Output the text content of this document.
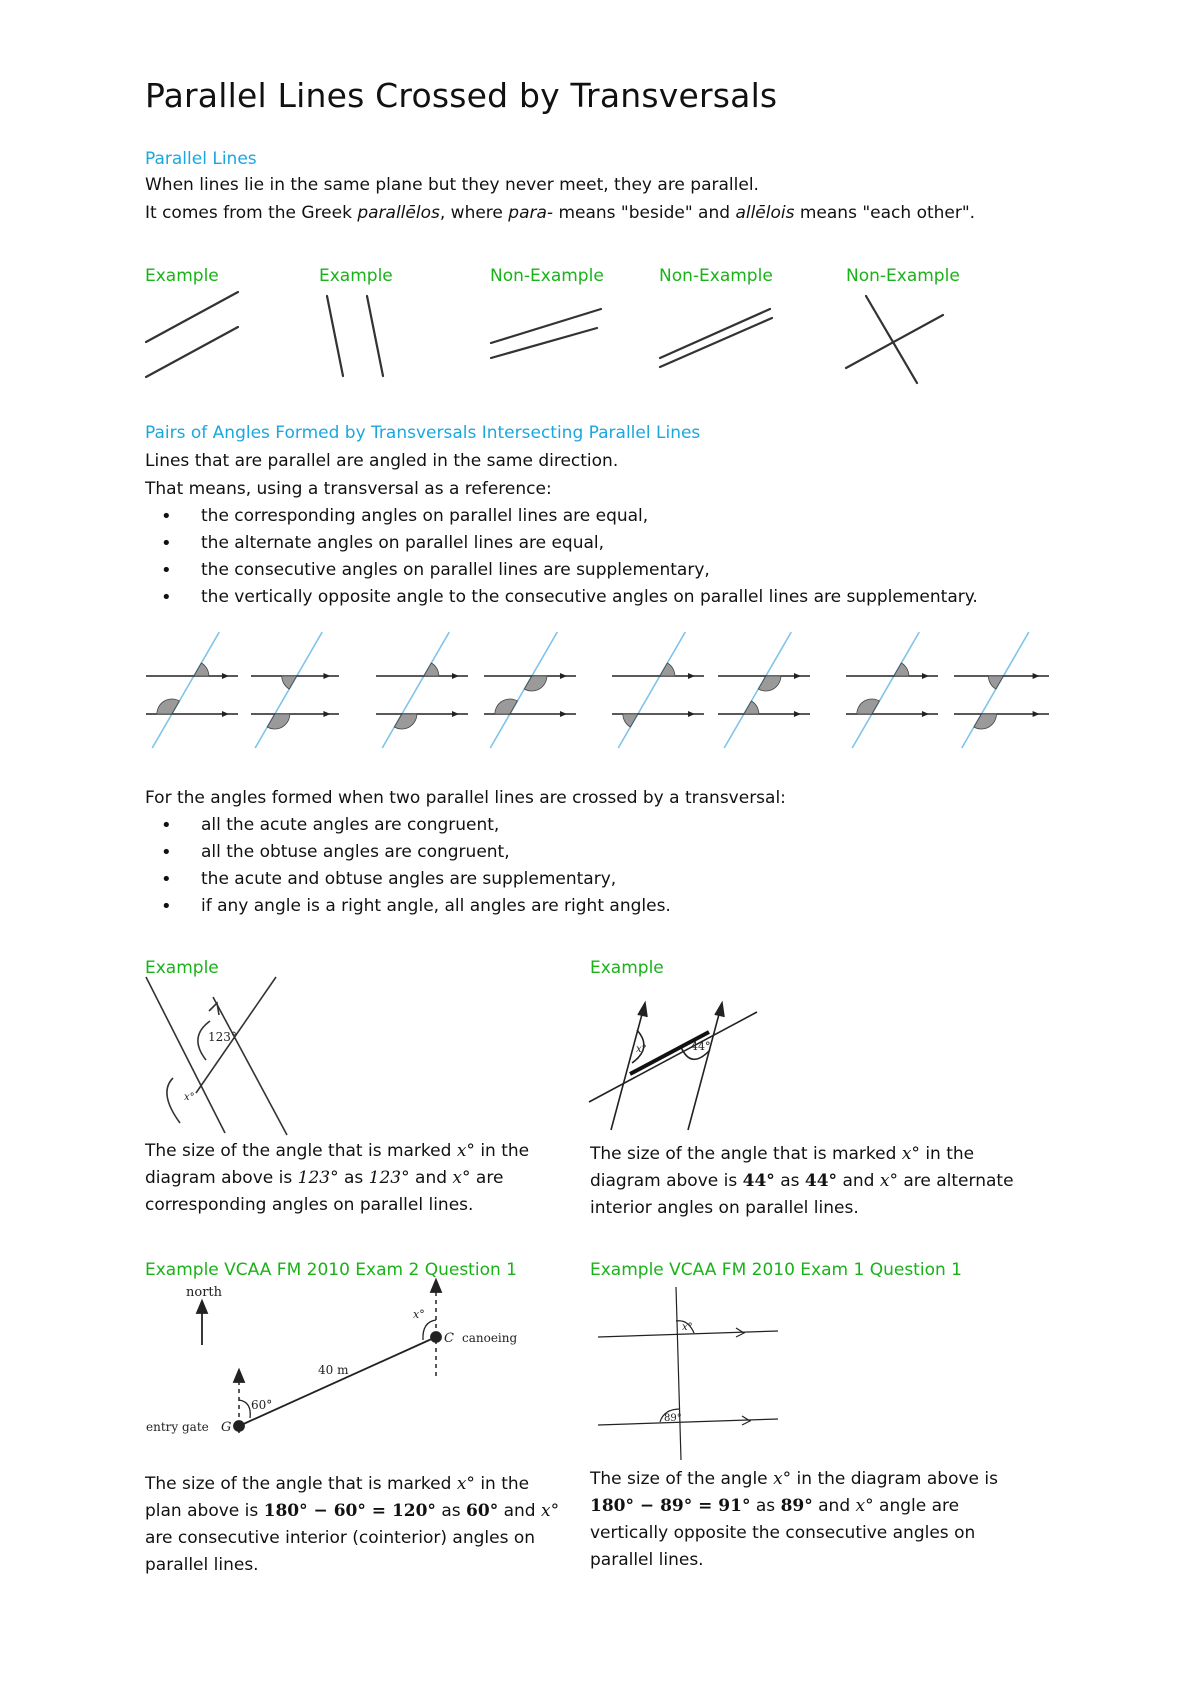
Parallel Lines Crossed by Transversals
Parallel Lines
When lines lie in the same plane but they never meet, they are parallel.
It comes from the Greek parallēlos, where para- means "beside" and allēlois means "each other".
Example	Example	Non-Example	Non-Example	Non-Example
Pairs of Angles Formed by Transversals Intersecting Parallel Lines
Lines that are parallel are angled in the same direction.
That means, using a transversal as a reference:
• the corresponding angles on parallel lines are equal,
• the alternate angles on parallel lines are equal,
• the consecutive angles on parallel lines are supplementary,
• the vertically opposite angle to the consecutive angles on parallel lines are supplementary.
For the angles formed when two parallel lines are crossed by a transversal:
• all the acute angles are congruent,
• all the obtuse angles are congruent,
• the acute and obtuse angles are supplementary,
• if any angle is a right angle, all angles are right angles.
Example
123°
x°
The size of the angle that is marked x° in the
diagram above is 123° as 123° and x° are
corresponding angles on parallel lines.
Example
x°	44°
The size of the angle that is marked x° in the
diagram above is 44° as 44° and x° are alternate
interior angles on parallel lines.
Example VCAA FM 2010 Exam 2 Question 1
north
60°
x°
40 m
C canoeing
entry gate G
The size of the angle that is marked x° in the
plan above is 180° − 60° = 120° as 60° and x°
are consecutive interior (cointerior) angles on
parallel lines.
Example VCAA FM 2010 Exam 1 Question 1
x°
89°
The size of the angle x° in the diagram above is
180° − 89° = 91° as 89° and x° angle are
vertically opposite the consecutive angles on
parallel lines.
